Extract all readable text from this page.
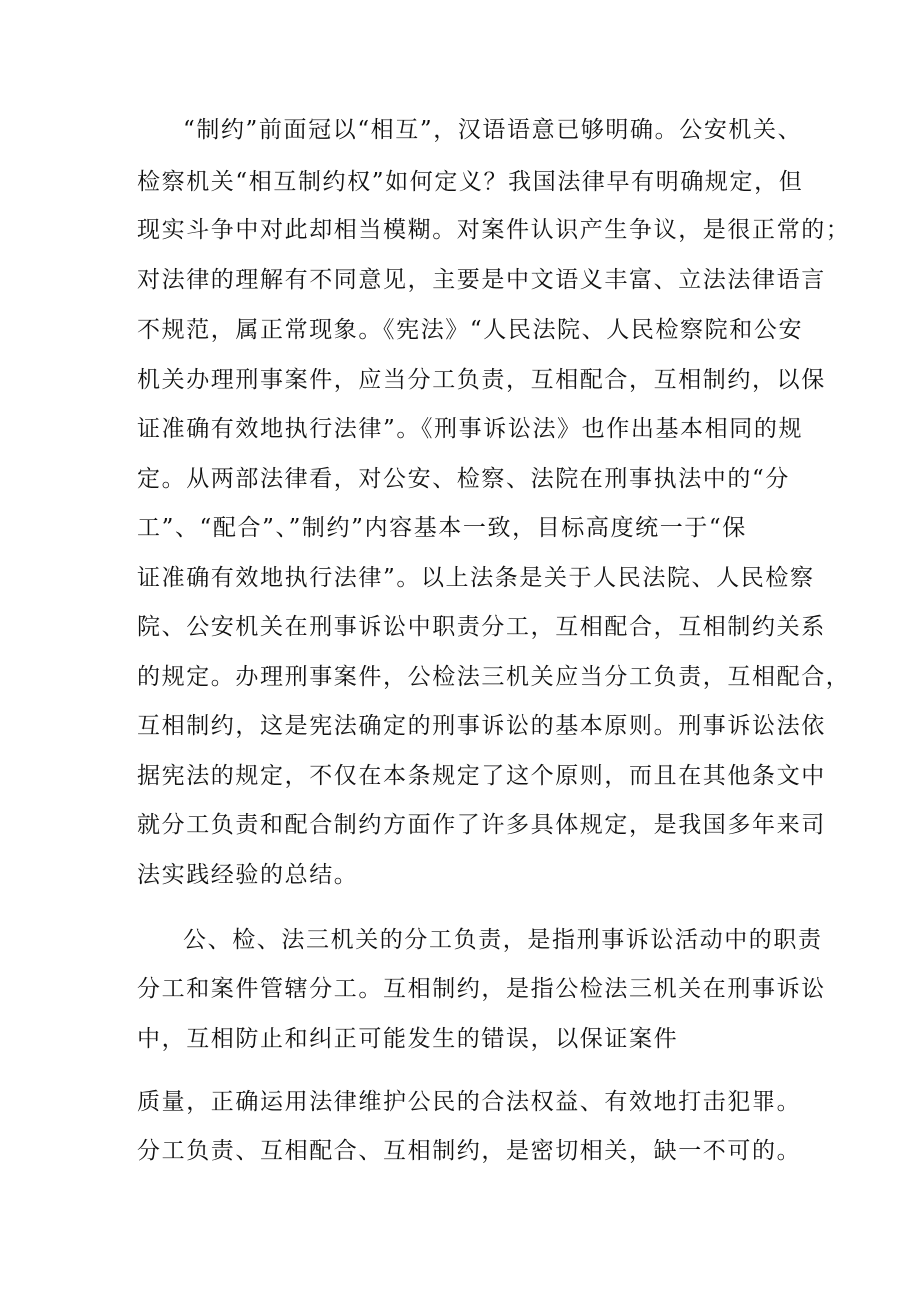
“制约”前面冠以“相互”，汉语语意已够明确。公安机关、
检察机关“相互制约权”如何定义？我国法律早有明确规定，但
现实斗争中对此却相当模糊。对案件认识产生争议，是很正常的；
对法律的理解有不同意见，主要是中文语义丰富、立法法律语言
不规范，属正常现象。《宪法》“人民法院、人民检察院和公安
机关办理刑事案件，应当分工负责，互相配合，互相制约，以保
证准确有效地执行法律”。《刑事诉讼法》也作出基本相同的规
定。从两部法律看，对公安、检察、法院在刑事执法中的“分
工”、“配合”、”制约”内容基本一致，目标高度统一于“保
证准确有效地执行法律”。以上法条是关于人民法院、人民检察
院、公安机关在刑事诉讼中职责分工，互相配合，互相制约关系
的规定。办理刑事案件，公检法三机关应当分工负责，互相配合，
互相制约，这是宪法确定的刑事诉讼的基本原则。刑事诉讼法依
据宪法的规定，不仅在本条规定了这个原则，而且在其他条文中
就分工负责和配合制约方面作了许多具体规定，是我国多年来司
法实践经验的总结。
公、检、法三机关的分工负责，是指刑事诉讼活动中的职责
分工和案件管辖分工。互相制约，是指公检法三机关在刑事诉讼
中，互相防止和纠正可能发生的错误，以保证案件
质量，正确运用法律维护公民的合法权益、有效地打击犯罪。
分工负责、互相配合、互相制约，是密切相关，缺一不可的。
